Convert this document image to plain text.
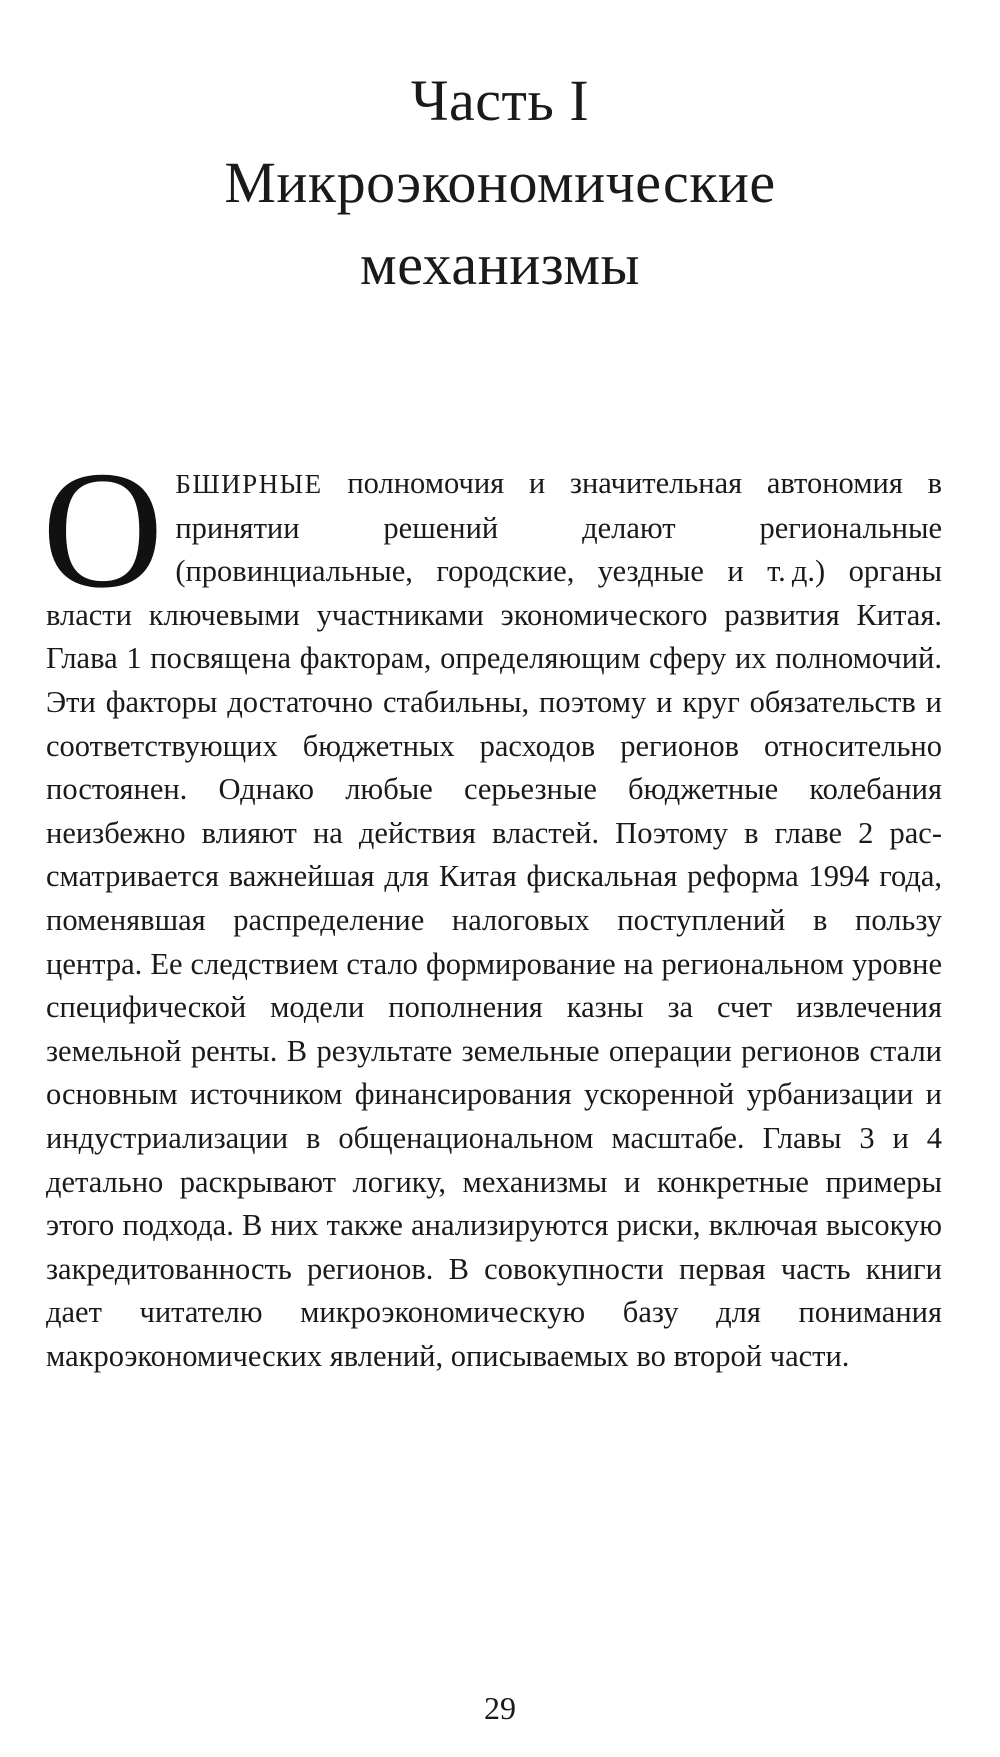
Часть I
Микроэкономические
механизмы

ОБШИРНЫЕ полномочия и значительная автономия в принятии решений делают региональные (провинциальные, городские, уездные и т. д.) органы власти ключевыми участниками экономического развития Китая. Глава 1 посвящена факторам, определяющим сферу их полномочий. Эти факторы достаточно стабильны, поэтому и круг обязательств и соответствующих бюджетных расходов регионов относительно постоянен. Однако любые серьезные бюджетные колебания неизбежно влияют на действия властей. Поэтому в главе 2 рассматривается важнейшая для Китая фискальная реформа 1994 года, поменявшая распределение налоговых поступлений в пользу центра. Ее следствием стало формирование на региональном уровне специфической модели пополнения казны за счет извлечения земельной ренты. В результате земельные операции регионов стали основным источником финансирования ускоренной урбанизации и индустриализации в общенациональном масштабе. Главы 3 и 4 детально раскрывают логику, механизмы и конкретные примеры этого подхода. В них также анализируются риски, включая высокую закредитованность регионов. В совокупности первая часть книги дает читателю микроэкономическую базу для понимания макроэкономических явлений, описываемых во второй части.

29
